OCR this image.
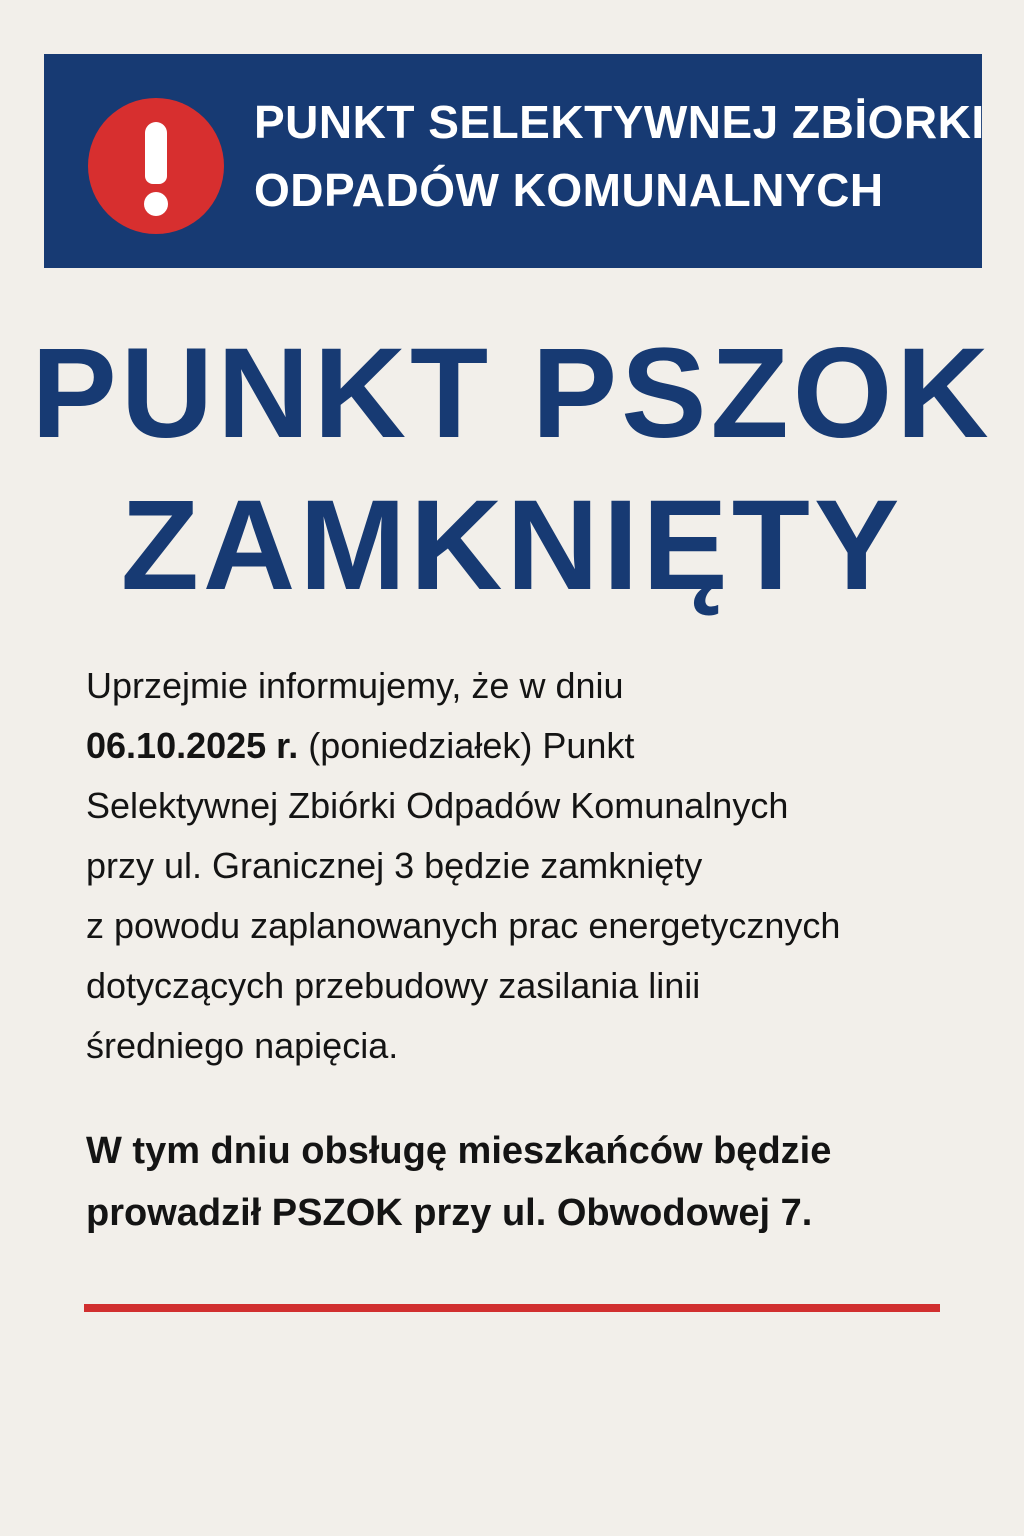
PUNKT SELEKTYWNEJ ZBİORKI
ODPADÓW KOMUNALNYCH
PUNKT PSZOK
ZAMKNIĘTY
Uprzejmie informujemy, że w dniu
06.10.2025 r. (poniedziałek) Punkt
Selektywnej Zbiórki Odpadów Komunalnych
przy ul. Granicznej 3 będzie zamknięty
z powodu zaplanowanych prac energetycznych
dotyczących przebudowy zasilania linii
średniego napięcia.
W tym dniu obsługę mieszkańców będzie
prowadził PSZOK przy ul. Obwodowej 7.
